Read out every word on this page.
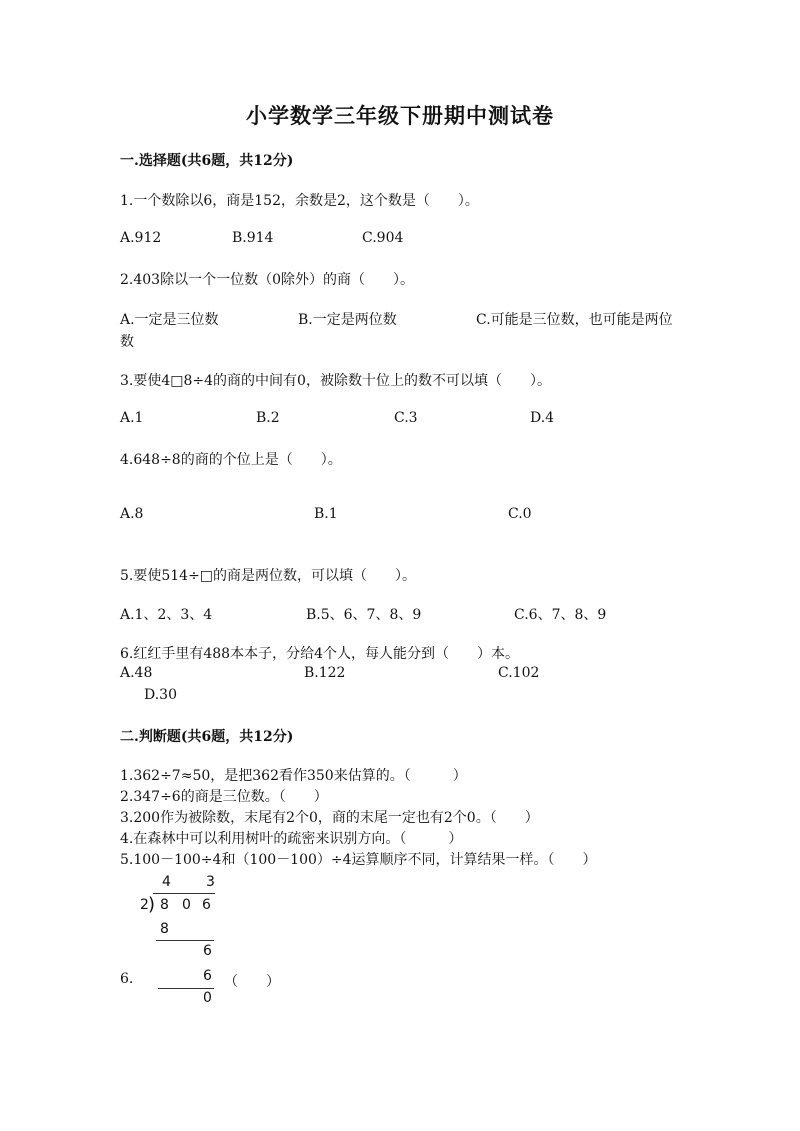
小学数学三年级下册期中测试卷
一.选择题(共6题，共12分)
1.一个数除以6，商是152，余数是2，这个数是（　　）。
A.912	B.914	C.904
2.403除以一个一位数（0除外）的商（　　）。
A.一定是三位数	B.一定是两位数	C.可能是三位数，也可能是两位数
3.要使4□8÷4的商的中间有0，被除数十位上的数不可以填（　　）。
A.1	B.2	C.3	D.4
4.648÷8的商的个位上是（　　）。
A.8	B.1	C.0
5.要使514÷□的商是两位数，可以填（　　）。
A.1、2、3、4	B.5、6、7、8、9	C.6、7、8、9
6.红红手里有488本本子，分给4个人，每人能分到（　　）本。
A.48	B.122	C.102
D.30
二.判断题(共6题，共12分)
1.362÷7≈50，是把362看作350来估算的。（　　　）
2.347÷6的商是三位数。（　　）
3.200作为被除数，末尾有2个0，商的末尾一定也有2个0。（　　）
4.在森林中可以利用树叶的疏密来识别方向。（　　　）
5.100－100÷4和（100－100）÷4运算顺序不同，计算结果一样。（　　）
4	3
2 ) 8 0 6
8
6
6.	6 （　　）
0
